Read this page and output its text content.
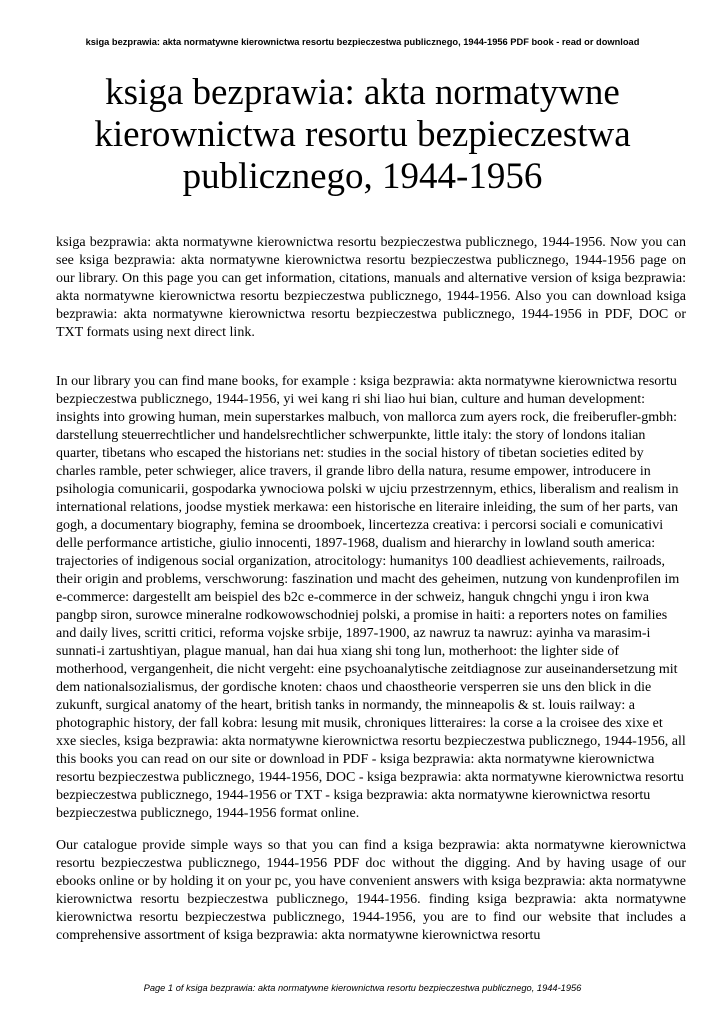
ksiga bezprawia: akta normatywne kierownictwa resortu bezpieczestwa publicznego, 1944-1956 PDF book - read or download
ksiga bezprawia: akta normatywne
kierownictwa resortu bezpieczestwa
publicznego, 1944-1956

ksiga bezprawia: akta normatywne kierownictwa resortu bezpieczestwa publicznego, 1944-1956. Now you can see ksiga bezprawia: akta normatywne kierownictwa resortu bezpieczestwa publicznego, 1944-1956 page on our library. On this page you can get information, citations, manuals and alternative version of ksiga bezprawia: akta normatywne kierownictwa resortu bezpieczestwa publicznego, 1944-1956. Also you can download ksiga bezprawia: akta normatywne kierownictwa resortu bezpieczestwa publicznego, 1944-1956 in PDF, DOC or TXT formats using next direct link.

In our library you can find mane books, for example : ksiga bezprawia: akta normatywne kierownictwa resortu bezpieczestwa publicznego, 1944-1956, yi wei kang ri shi liao hui bian, culture and human development: insights into growing human, mein superstarkes malbuch, von mallorca zum ayers rock, die freiberufler-gmbh: darstellung steuerrechtlicher und handelsrechtlicher schwerpunkte, little italy: the story of londons italian quarter, tibetans who escaped the historians net: studies in the social history of tibetan societies edited by charles ramble, peter schwieger, alice travers, il grande libro della natura, resume empower, introducere in psihologia comunicarii, gospodarka ywnociowa polski w ujciu przestrzennym, ethics, liberalism and realism in international relations, joodse mystiek merkawa: een historische en literaire inleiding, the sum of her parts, van gogh, a documentary biography, femina se droomboek, lincertezza creativa: i percorsi sociali e comunicativi delle performance artistiche, giulio innocenti, 1897-1968, dualism and hierarchy in lowland south america: trajectories of indigenous social organization, atrocitology: humanitys 100 deadliest achievements, railroads, their origin and problems, verschworung: faszination und macht des geheimen, nutzung von kundenprofilen im e-commerce: dargestellt am beispiel des b2c e-commerce in der schweiz, hanguk chngchi yngu i iron kwa pangbp siron, surowce mineralne rodkowowschodniej polski, a promise in haiti: a reporters notes on families and daily lives, scritti critici, reforma vojske srbije, 1897-1900, az nawruz ta nawruz: ayinha va marasim-i sunnati-i zartushtiyan, plague manual, han dai hua xiang shi tong lun, motherhoot: the lighter side of motherhood, vergangenheit, die nicht vergeht: eine psychoanalytische zeitdiagnose zur auseinandersetzung mit dem nationalsozialismus, der gordische knoten: chaos und chaostheorie versperren sie uns den blick in die zukunft, surgical anatomy of the heart, british tanks in normandy, the minneapolis & st. louis railway: a photographic history, der fall kobra: lesung mit musik, chroniques litteraires: la corse a la croisee des xixe et xxe siecles, ksiga bezprawia: akta normatywne kierownictwa resortu bezpieczestwa publicznego, 1944-1956, all this books you can read on our site or download in PDF - ksiga bezprawia: akta normatywne kierownictwa resortu bezpieczestwa publicznego, 1944-1956, DOC - ksiga bezprawia: akta normatywne kierownictwa resortu bezpieczestwa publicznego, 1944-1956 or TXT - ksiga bezprawia: akta normatywne kierownictwa resortu bezpieczestwa publicznego, 1944-1956 format online.

Our catalogue provide simple ways so that you can find a ksiga bezprawia: akta normatywne kierownictwa resortu bezpieczestwa publicznego, 1944-1956 PDF doc without the digging. And by having usage of our ebooks online or by holding it on your pc, you have convenient answers with ksiga bezprawia: akta normatywne kierownictwa resortu bezpieczestwa publicznego, 1944-1956. finding ksiga bezprawia: akta normatywne kierownictwa resortu bezpieczestwa publicznego, 1944-1956, you are to find our website that includes a comprehensive assortment of ksiga bezprawia: akta normatywne kierownictwa resortu

Page 1 of ksiga bezprawia: akta normatywne kierownictwa resortu bezpieczestwa publicznego, 1944-1956
